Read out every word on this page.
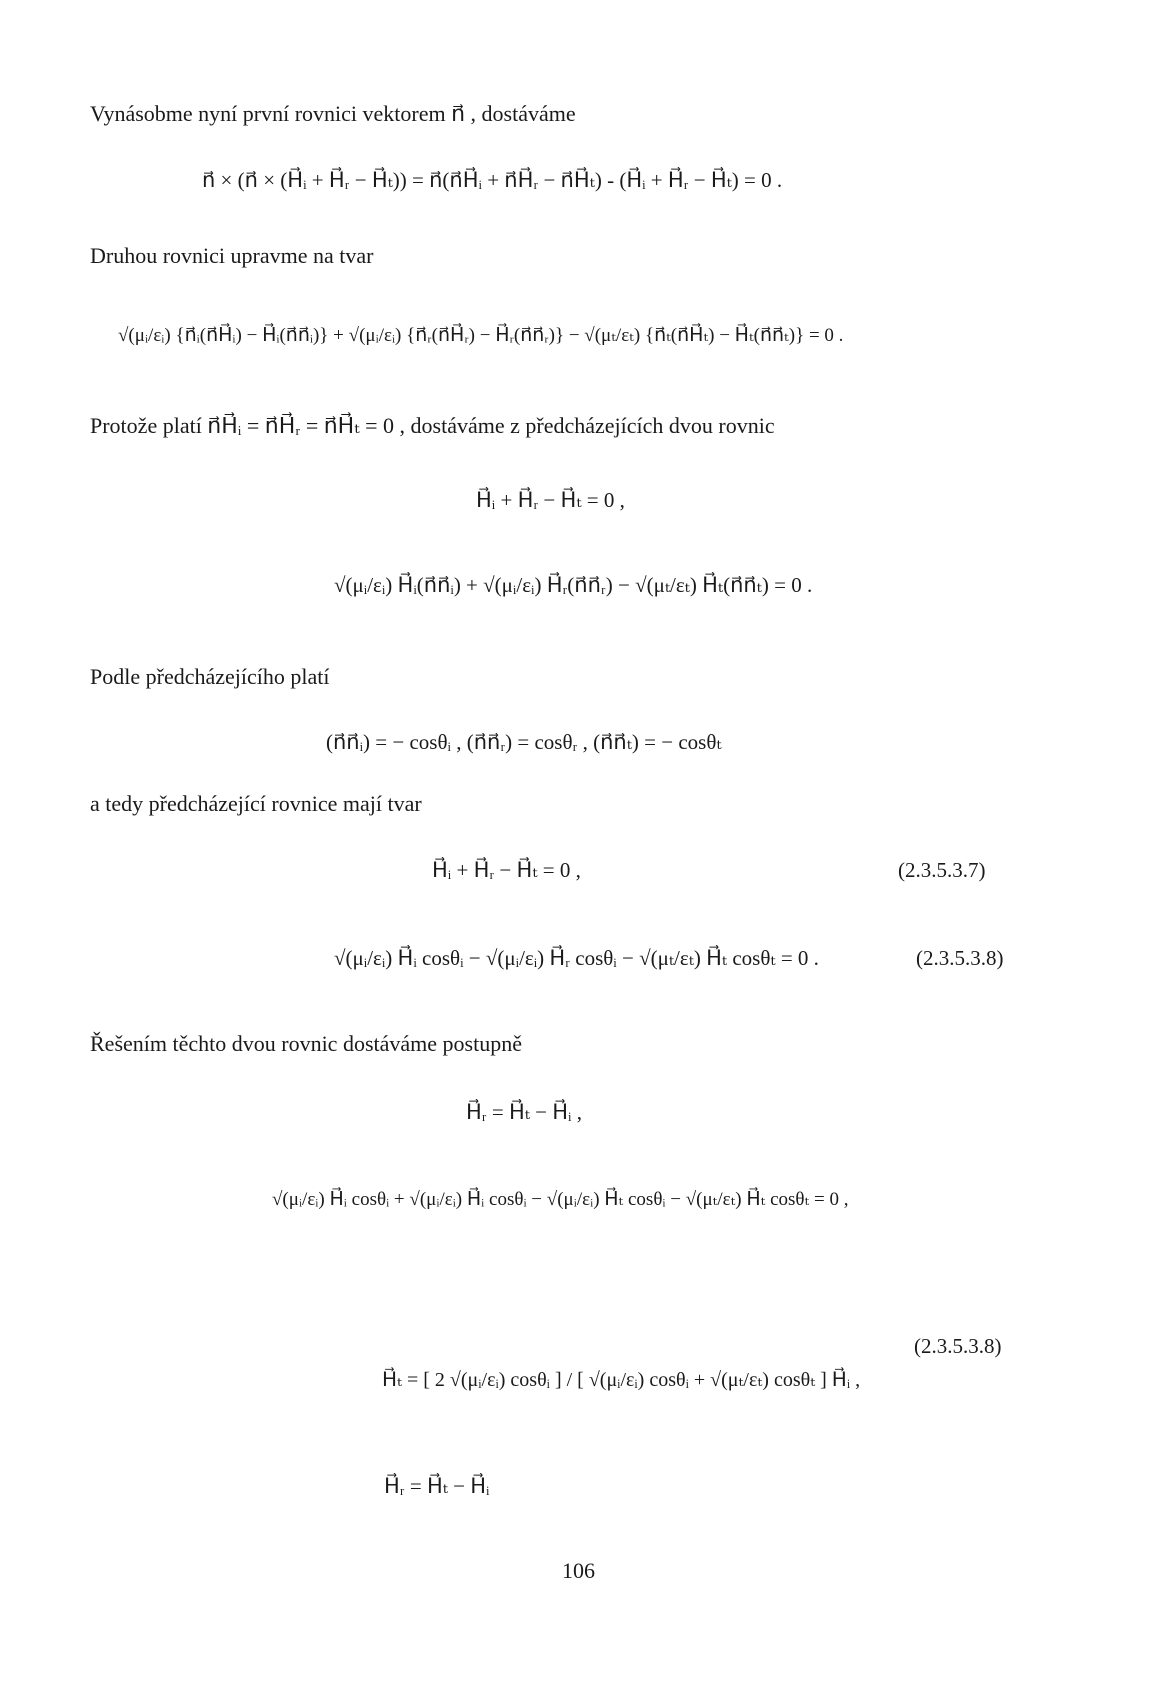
Vynásobme nyní první rovnici vektorem n⃗ , dostáváme
n⃗ × (n⃗ × (H⃗ᵢ + H⃗ᵣ − H⃗ₜ)) = n⃗(n⃗H⃗ᵢ + n⃗H⃗ᵣ − n⃗H⃗ₜ) - (H⃗ᵢ + H⃗ᵣ − H⃗ₜ) = 0 .
Druhou rovnici upravme na tvar
√(μᵢ/εᵢ) {n⃗ᵢ(n⃗H⃗ᵢ) − H⃗ᵢ(n⃗n⃗ᵢ)} + √(μᵢ/εᵢ) {n⃗ᵣ(n⃗H⃗ᵣ) − H⃗ᵣ(n⃗n⃗ᵣ)} − √(μₜ/εₜ) {n⃗ₜ(n⃗H⃗ₜ) − H⃗ₜ(n⃗n⃗ₜ)} = 0 .
Protože platí n⃗H⃗ᵢ = n⃗H⃗ᵣ = n⃗H⃗ₜ = 0 , dostáváme z předcházejících dvou rovnic
H⃗ᵢ + H⃗ᵣ − H⃗ₜ = 0 ,
√(μᵢ/εᵢ) H⃗ᵢ(n⃗n⃗ᵢ) + √(μᵢ/εᵢ) H⃗ᵣ(n⃗n⃗ᵣ) − √(μₜ/εₜ) H⃗ₜ(n⃗n⃗ₜ) = 0 .
Podle předcházejícího platí
(n⃗n⃗ᵢ) = − cosθᵢ , (n⃗n⃗ᵣ) = cosθᵣ , (n⃗n⃗ₜ) = − cosθₜ
a tedy předcházející rovnice mají tvar
H⃗ᵢ + H⃗ᵣ − H⃗ₜ = 0 ,	(2.3.5.3.7)
√(μᵢ/εᵢ) H⃗ᵢ cosθᵢ − √(μᵢ/εᵢ) H⃗ᵣ cosθᵢ − √(μₜ/εₜ) H⃗ₜ cosθₜ = 0 .	(2.3.5.3.8)
Řešením těchto dvou rovnic dostáváme postupně
H⃗ᵣ = H⃗ₜ − H⃗ᵢ ,
√(μᵢ/εᵢ) H⃗ᵢ cosθᵢ + √(μᵢ/εᵢ) H⃗ᵢ cosθᵢ − √(μᵢ/εᵢ) H⃗ₜ cosθᵢ − √(μₜ/εₜ) H⃗ₜ cosθₜ = 0 ,
H⃗ₜ = [ 2 √(μᵢ/εᵢ) cosθᵢ ] / [ √(μᵢ/εᵢ) cosθᵢ + √(μₜ/εₜ) cosθₜ ] H⃗ᵢ ,
(2.3.5.3.8)
H⃗ᵣ = H⃗ₜ − H⃗ᵢ
106
